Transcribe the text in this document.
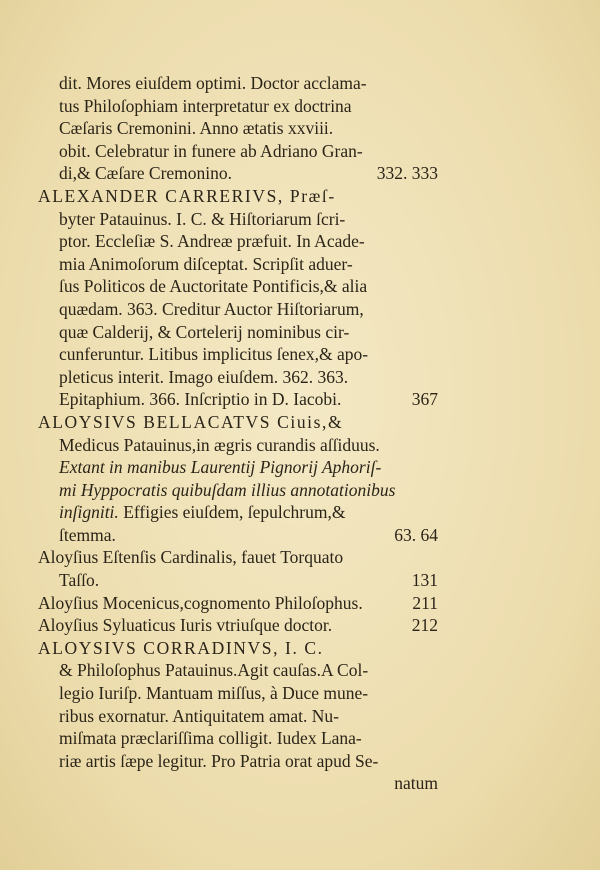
dit. Mores eiuſdem optimi. Doctor acclama-
tus Philoſophiam interpretatur ex doctrina
Cæſaris Cremonini. Anno ætatis xxviii.
obit. Celebratur in funere ab Adriano Gran-
di,& Cæſare Cremonino.	332. 333
ALEXANDER CARRERIVS, Præſ-
byter Patauinus. I. C. & Hiſtoriarum ſcri-
ptor. Eccleſiæ S. Andreæ præfuit. In Acade-
mia Animoſorum diſceptat. Scripſit aduer-
ſus Politicos de Auctoritate Pontificis,& alia
quædam. 363. Creditur Auctor Hiſtoriarum,
quæ Calderij, & Cortelerij nominibus cir-
cunferuntur. Litibus implicitus ſenex,& apo-
pleticus interit. Imago eiuſdem. 362. 363.
Epitaphium. 366. Inſcriptio in D. Iacobi.	367
ALOYSIVS BELLACATVS Ciuis,&
Medicus Patauinus,in ægris curandis aſſiduus.
Extant in manibus Laurentij Pignorij Aphoriſ-
mi Hyppocratis quibuſdam illius annotationibus
inſigniti. Effigies eiuſdem, ſepulchrum,&
ſtemma.	63. 64
Aloyſius Eſtenſis Cardinalis, fauet Torquato
Taſſo.	131
Aloyſius Mocenicus,cognomento Philoſophus.	211
Aloyſius Syluaticus Iuris vtriuſque doctor.	212
ALOYSIVS CORRADINVS, I. C.
& Philoſophus Patauinus.Agit cauſas.A Col-
legio Iuriſp. Mantuam miſſus, à Duce mune-
ribus exornatur. Antiquitatem amat. Nu-
miſmata præclariſſima colligit. Iudex Lana-
riæ artis ſæpe legitur. Pro Patria orat apud Se-
natum
